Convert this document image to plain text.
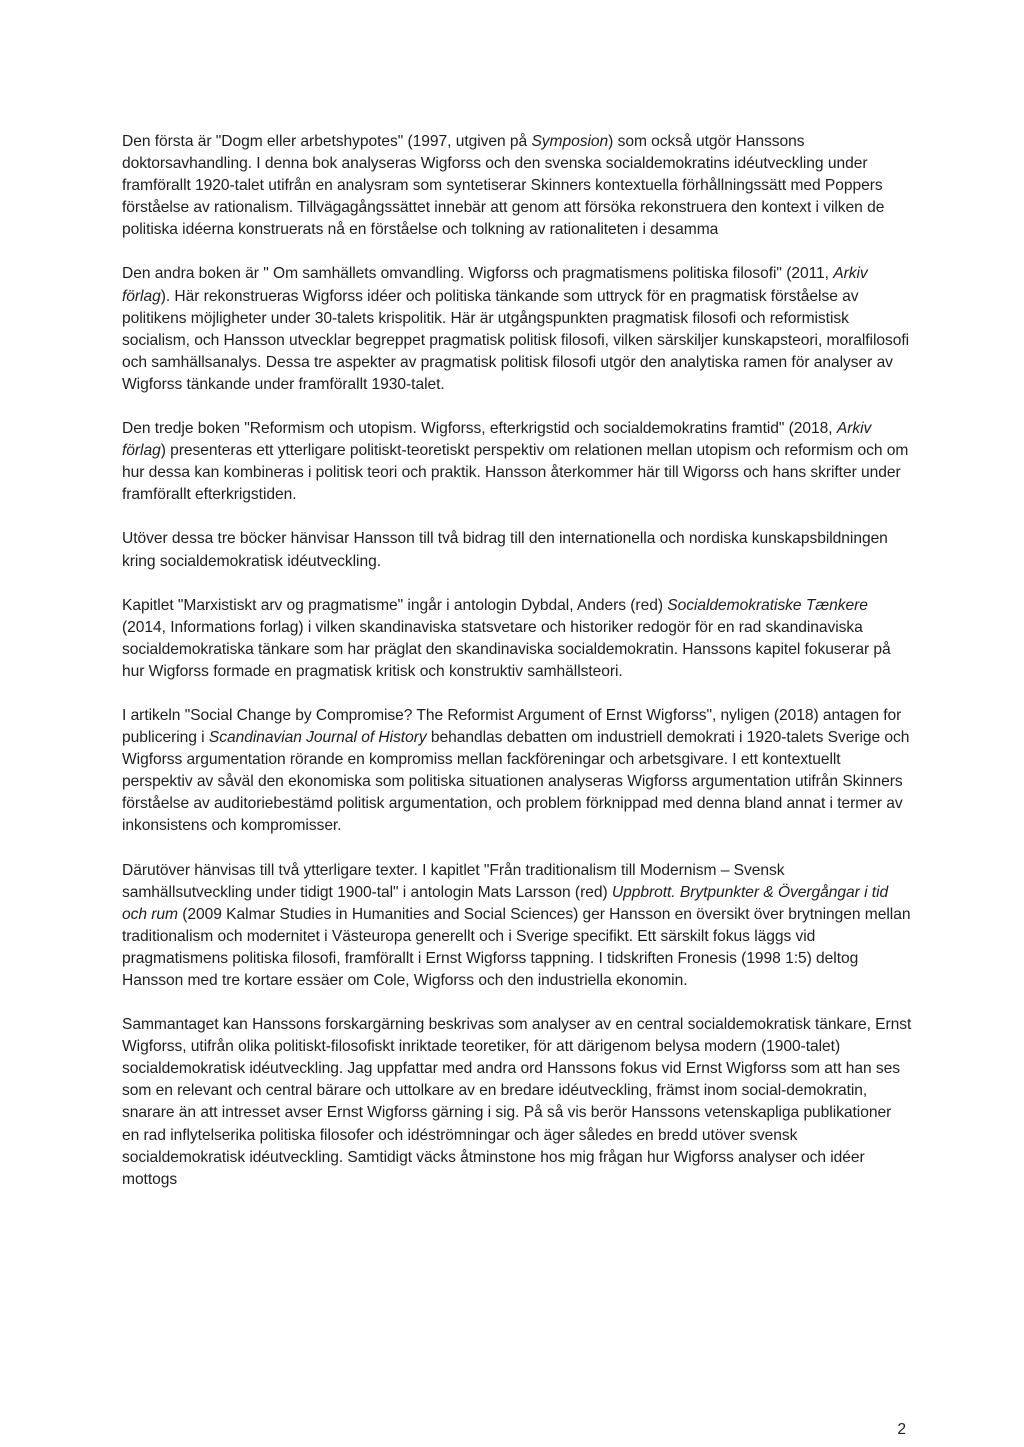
Den första är "Dogm eller arbetshypotes" (1997, utgiven på Symposion) som också utgör Hanssons doktorsavhandling. I denna bok analyseras Wigforss och den svenska socialdemokratins idéutveckling under framförallt 1920-talet utifrån en analysram som syntetiserar Skinners kontextuella förhållningssätt med Poppers förståelse av rationalism. Tillvägagångssättet innebär att genom att försöka rekonstruera den kontext i vilken de politiska idéerna konstruerats nå en förståelse och tolkning av rationaliteten i desamma

Den andra boken är " Om samhällets omvandling. Wigforss och pragmatismens politiska filosofi" (2011, Arkiv förlag). Här rekonstrueras Wigforss idéer och politiska tänkande som uttryck för en pragmatisk förståelse av politikens möjligheter under 30-talets krispolitik. Här är utgångspunkten pragmatisk filosofi och reformistisk socialism, och Hansson utvecklar begreppet pragmatisk politisk filosofi, vilken särskiljer kunskapsteori, moralfilosofi och samhällsanalys. Dessa tre aspekter av pragmatisk politisk filosofi utgör den analytiska ramen för analyser av Wigforss tänkande under framförallt 1930-talet.

Den tredje boken "Reformism och utopism. Wigforss, efterkrigstid och socialdemokratins framtid" (2018, Arkiv förlag) presenteras ett ytterligare politiskt-teoretiskt perspektiv om relationen mellan utopism och reformism och om hur dessa kan kombineras i politisk teori och praktik. Hansson återkommer här till Wigorss och hans skrifter under framförallt efterkrigstiden.

Utöver dessa tre böcker hänvisar Hansson till två bidrag till den internationella och nordiska kunskapsbildningen kring socialdemokratisk idéutveckling.

Kapitlet "Marxistiskt arv og pragmatisme" ingår i antologin Dybdal, Anders (red) Socialdemokratiske Tænkere (2014, Informations forlag) i vilken skandinaviska statsvetare och historiker redogör för en rad skandinaviska socialdemokratiska tänkare som har präglat den skandinaviska socialdemokratin. Hanssons kapitel fokuserar på hur Wigforss formade en pragmatisk kritisk och konstruktiv samhällsteori.

I artikeln "Social Change by Compromise? The Reformist Argument of Ernst Wigforss", nyligen (2018) antagen for publicering i Scandinavian Journal of History behandlas debatten om industriell demokrati i 1920-talets Sverige och Wigforss argumentation rörande en kompromiss mellan fackföreningar och arbetsgivare. I ett kontextuellt perspektiv av såväl den ekonomiska som politiska situationen analyseras Wigforss argumentation utifrån Skinners förståelse av auditoriebestämd politisk argumentation, och problem förknippad med denna bland annat i termer av inkonsistens och kompromisser.

Därutöver hänvisas till två ytterligare texter. I kapitlet "Från traditionalism till Modernism – Svensk samhällsutveckling under tidigt 1900-tal" i antologin Mats Larsson (red) Uppbrott. Brytpunkter & Övergångar i tid och rum (2009 Kalmar Studies in Humanities and Social Sciences) ger Hansson en översikt över brytningen mellan traditionalism och modernitet i Västeuropa generellt och i Sverige specifikt. Ett särskilt fokus läggs vid pragmatismens politiska filosofi, framförallt i Ernst Wigforss tappning. I tidskriften Fronesis (1998 1:5) deltog Hansson med tre kortare essäer om Cole, Wigforss och den industriella ekonomin.

Sammantaget kan Hanssons forskargärning beskrivas som analyser av en central socialdemokratisk tänkare, Ernst Wigforss, utifrån olika politiskt-filosofiskt inriktade teoretiker, för att därigenom belysa modern (1900-talet) socialdemokratisk idéutveckling. Jag uppfattar med andra ord Hanssons fokus vid Ernst Wigforss som att han ses som en relevant och central bärare och uttolkare av en bredare idéutveckling, främst inom social-demokratin, snarare än att intresset avser Ernst Wigforss gärning i sig. På så vis berör Hanssons vetenskapliga publikationer en rad inflytelserika politiska filosofer och idéströmningar och äger således en bredd utöver svensk socialdemokratisk idéutveckling. Samtidigt väcks åtminstone hos mig frågan hur Wigforss analyser och idéer mottogs

2
